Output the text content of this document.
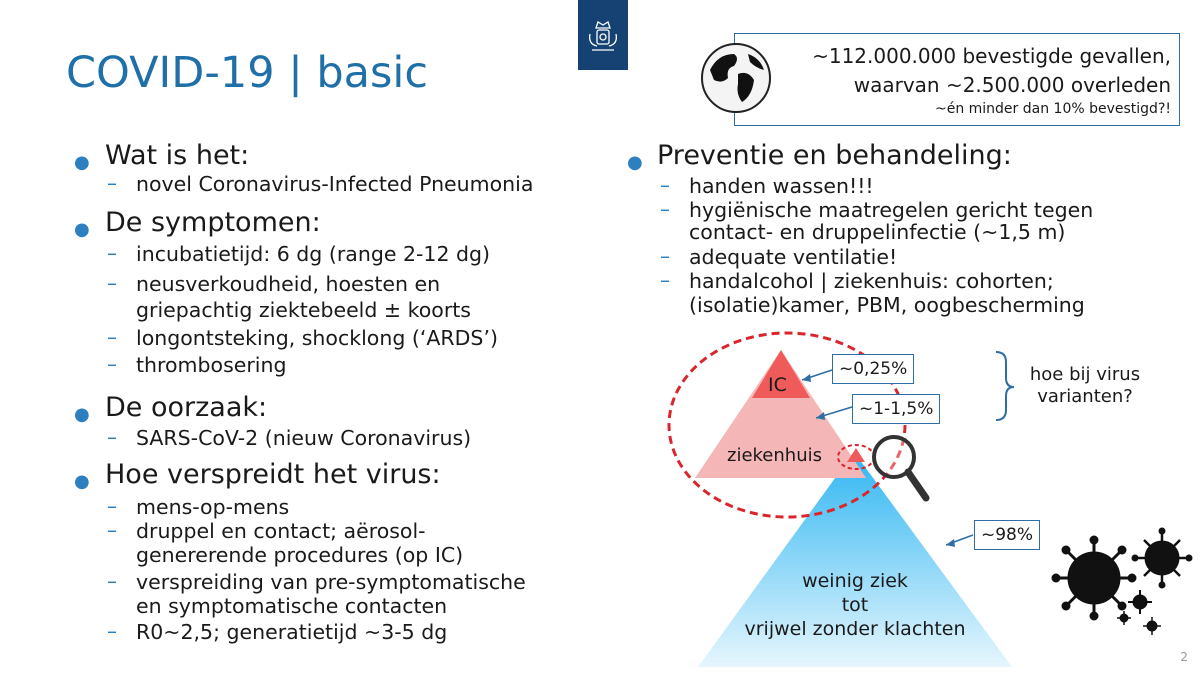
COVID-19 | basic	~112.000.000 bevestigde gevallen,
waarvan ~2.500.000 overleden
~én minder dan 10% bevestigd?!
● Wat is het:
– novel Coronavirus-Infected Pneumonia
● De symptomen:
– incubatietijd: 6 dg (range 2-12 dg)
– neusverkoudheid, hoesten en
griepachtig ziektebeeld ± koorts
– longontsteking, shocklong (‘ARDS’)
– thrombosering
● De oorzaak:
– SARS-CoV-2 (nieuw Coronavirus)
● Hoe verspreidt het virus:
– mens-op-mens
– druppel en contact; aërosol-
genererende procedures (op IC)
– verspreiding van pre-symptomatische
en symptomatische contacten
– R0~2,5; generatietijd ~3-5 dg
● Preventie en behandeling:
– handen wassen!!!
– hygiënische maatregelen gericht tegen
contact- en druppelinfectie (~1,5 m)
– adequate ventilatie!
– handalcohol | ziekenhuis: cohorten;
(isolatie)kamer, PBM, oogbescherming
IC
ziekenhuis
weinig ziek
tot
vrijwel zonder klachten
~0,25%
~1-1,5%
~98%
hoe bij virus
varianten?
2
